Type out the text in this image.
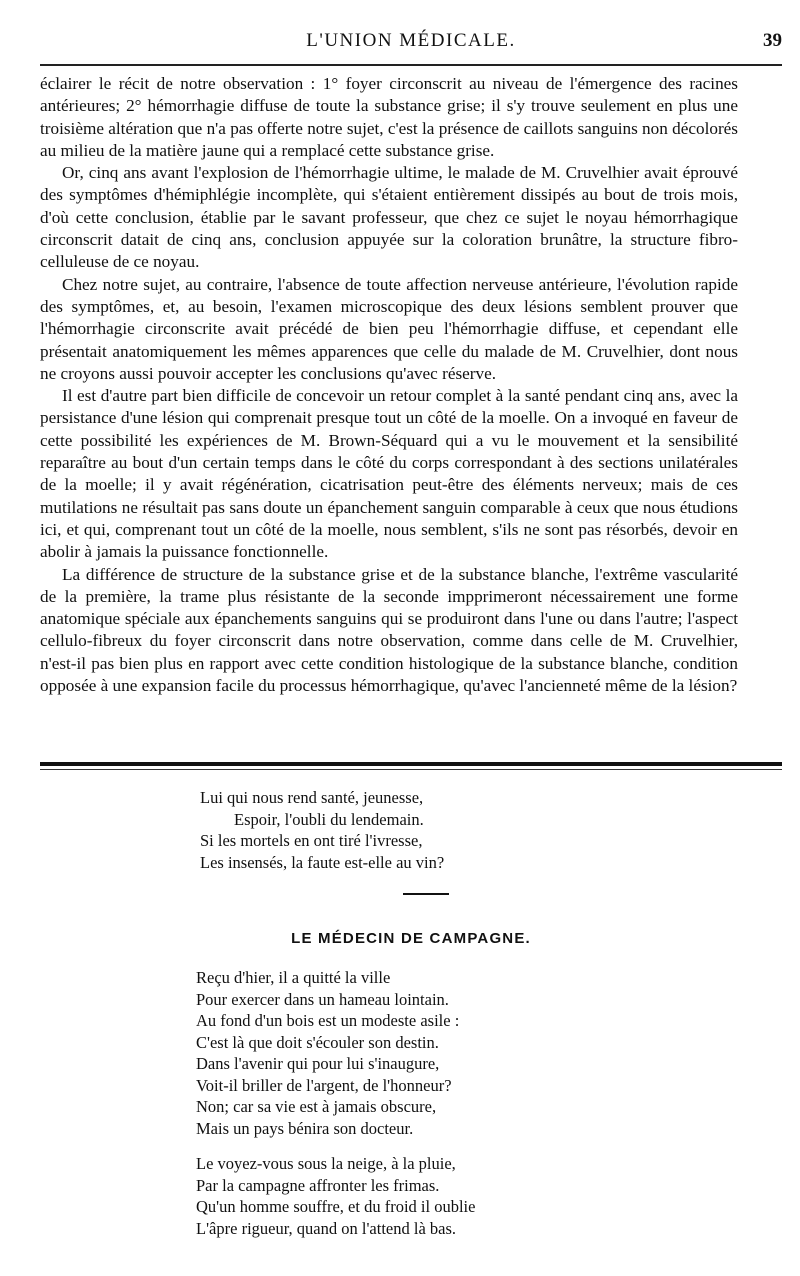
L'UNION MÉDICALE.	39

éclairer le récit de notre observation : 1° foyer circonscrit au niveau de l'émergence des racines antérieures; 2° hémorrhagie diffuse de toute la substance grise; il s'y trouve seulement en plus une troisième altération que n'a pas offerte notre sujet, c'est la présence de caillots sanguins non décolorés au milieu de la matière jaune qui a remplacé cette substance grise.

Or, cinq ans avant l'explosion de l'hémorrhagie ultime, le malade de M. Cruvelhier avait éprouvé des symptômes d'hémiphlégie incomplète, qui s'étaient entièrement dissipés au bout de trois mois, d'où cette conclusion, établie par le savant professeur, que chez ce sujet le noyau hémorrhagique circonscrit datait de cinq ans, conclusion appuyée sur la coloration brunâtre, la structure fibro-celluleuse de ce noyau.

Chez notre sujet, au contraire, l'absence de toute affection nerveuse antérieure, l'évolution rapide des symptômes, et, au besoin, l'examen microscopique des deux lésions semblent prouver que l'hémorrhagie circonscrite avait précédé de bien peu l'hémorrhagie diffuse, et cependant elle présentait anatomiquement les mêmes apparences que celle du malade de M. Cruvelhier, dont nous ne croyons aussi pouvoir accepter les conclusions qu'avec réserve.

Il est d'autre part bien difficile de concevoir un retour complet à la santé pendant cinq ans, avec la persistance d'une lésion qui comprenait presque tout un côté de la moelle. On a invoqué en faveur de cette possibilité les expériences de M. Brown-Séquard qui a vu le mouvement et la sensibilité reparaître au bout d'un certain temps dans le côté du corps correspondant à des sections unilatérales de la moelle; il y avait régénération, cicatrisation peut-être des éléments nerveux; mais de ces mutilations ne résultait pas sans doute un épanchement sanguin comparable à ceux que nous étudions ici, et qui, comprenant tout un côté de la moelle, nous semblent, s'ils ne sont pas résorbés, devoir en abolir à jamais la puissance fonctionnelle.

La différence de structure de la substance grise et de la substance blanche, l'extrême vascularité de la première, la trame plus résistante de la seconde impprimeront nécessairement une forme anatomique spéciale aux épanchements sanguins qui se produiront dans l'une ou dans l'autre; l'aspect cellulo-fibreux du foyer circonscrit dans notre observation, comme dans celle de M. Cruvelhier, n'est-il pas bien plus en rapport avec cette condition histologique de la substance blanche, condition opposée à une expansion facile du processus hémorrhagique, qu'avec l'ancienneté même de la lésion?

Lui qui nous rend santé, jeunesse,
Espoir, l'oubli du lendemain.
Si les mortels en ont tiré l'ivresse,
Les insensés, la faute est-elle au vin?
LE MÉDECIN DE CAMPAGNE.
Reçu d'hier, il a quitté la ville
Pour exercer dans un hameau lointain.
Au fond d'un bois est un modeste asile :
C'est là que doit s'écouler son destin.
Dans l'avenir qui pour lui s'inaugure,
Voit-il briller de l'argent, de l'honneur?
Non; car sa vie est à jamais obscure,
Mais un pays bénira son docteur.
Le voyez-vous sous la neige, à la pluie,
Par la campagne affronter les frimas.
Qu'un homme souffre, et du froid il oublie
L'âpre rigueur, quand on l'attend là bas.
